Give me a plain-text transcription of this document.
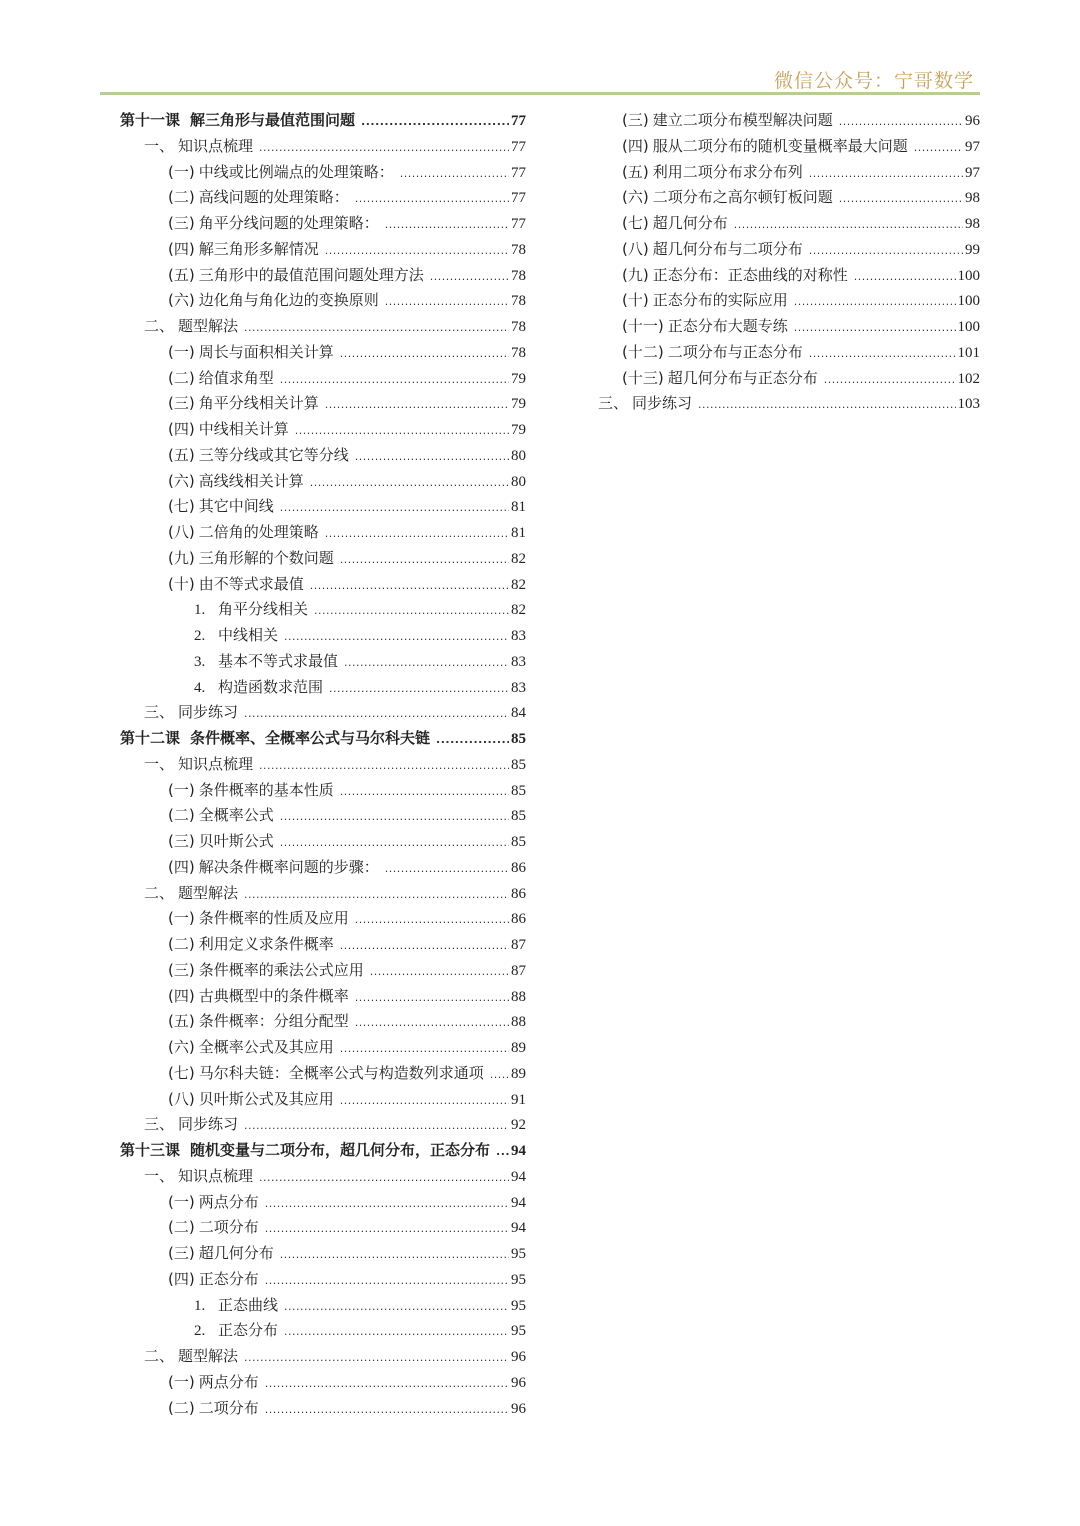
微信公众号：宁哥数学
第十一课 解三角形与最值范围问题 .....	77
一、 知识点梳理 .....	77
(一) 中线或比例端点的处理策略： .....	77
(二) 高线问题的处理策略： .....	77
(三) 角平分线问题的处理策略： .....	77
(四) 解三角形多解情况 .....	78
(五) 三角形中的最值范围问题处理方法 .....	78
(六) 边化角与角化边的变换原则 .....	78
二、 题型解法 .....	78
(一) 周长与面积相关计算 .....	78
(二) 给值求角型 .....	79
(三) 角平分线相关计算 .....	79
(四) 中线相关计算 .....	79
(五) 三等分线或其它等分线 .....	80
(六) 高线线相关计算 .....	80
(七) 其它中间线 .....	81
(八) 二倍角的处理策略 .....	81
(九) 三角形解的个数问题 .....	82
(十) 由不等式求最值 .....	82
1. 角平分线相关 .....	82
2. 中线相关 .....	83
3. 基本不等式求最值 .....	83
4. 构造函数求范围 .....	83
三、 同步练习 .....	84
第十二课 条件概率、全概率公式与马尔科夫链 .....	85
一、 知识点梳理 .....	85
(一) 条件概率的基本性质 .....	85
(二) 全概率公式 .....	85
(三) 贝叶斯公式 .....	85
(四) 解决条件概率问题的步骤： .....	86
二、 题型解法 .....	86
(一) 条件概率的性质及应用 .....	86
(二) 利用定义求条件概率 .....	87
(三) 条件概率的乘法公式应用 .....	87
(四) 古典概型中的条件概率 .....	88
(五) 条件概率：分组分配型 .....	88
(六) 全概率公式及其应用 .....	89
(七) 马尔科夫链：全概率公式与构造数列求通项 ..... 89
(八) 贝叶斯公式及其应用 .....	91
三、 同步练习 .....	92
第十三课 随机变量与二项分布，超几何分布，正态分布 ..... 94
一、 知识点梳理 .....	94
(一) 两点分布 .....	94
(二) 二项分布 .....	94
(三) 超几何分布 .....	95
(四) 正态分布 .....	95
1. 正态曲线 .....	95
2. 正态分布 .....	95
二、 题型解法 .....	96
(一) 两点分布 .....	96
(二) 二项分布 .....	96
(三) 建立二项分布模型解决问题 .....	96
(四) 服从二项分布的随机变量概率最大问题 .....	97
(五) 利用二项分布求分布列 .....	97
(六) 二项分布之高尔顿钉板问题 .....	98
(七) 超几何分布 .....	98
(八) 超几何分布与二项分布 .....	99
(九) 正态分布：正态曲线的对称性 .....	100
(十) 正态分布的实际应用 .....	100
(十一) 正态分布大题专练 .....	100
(十二) 二项分布与正态分布 .....	101
(十三) 超几何分布与正态分布 .....	102
三、 同步练习 .....	103
